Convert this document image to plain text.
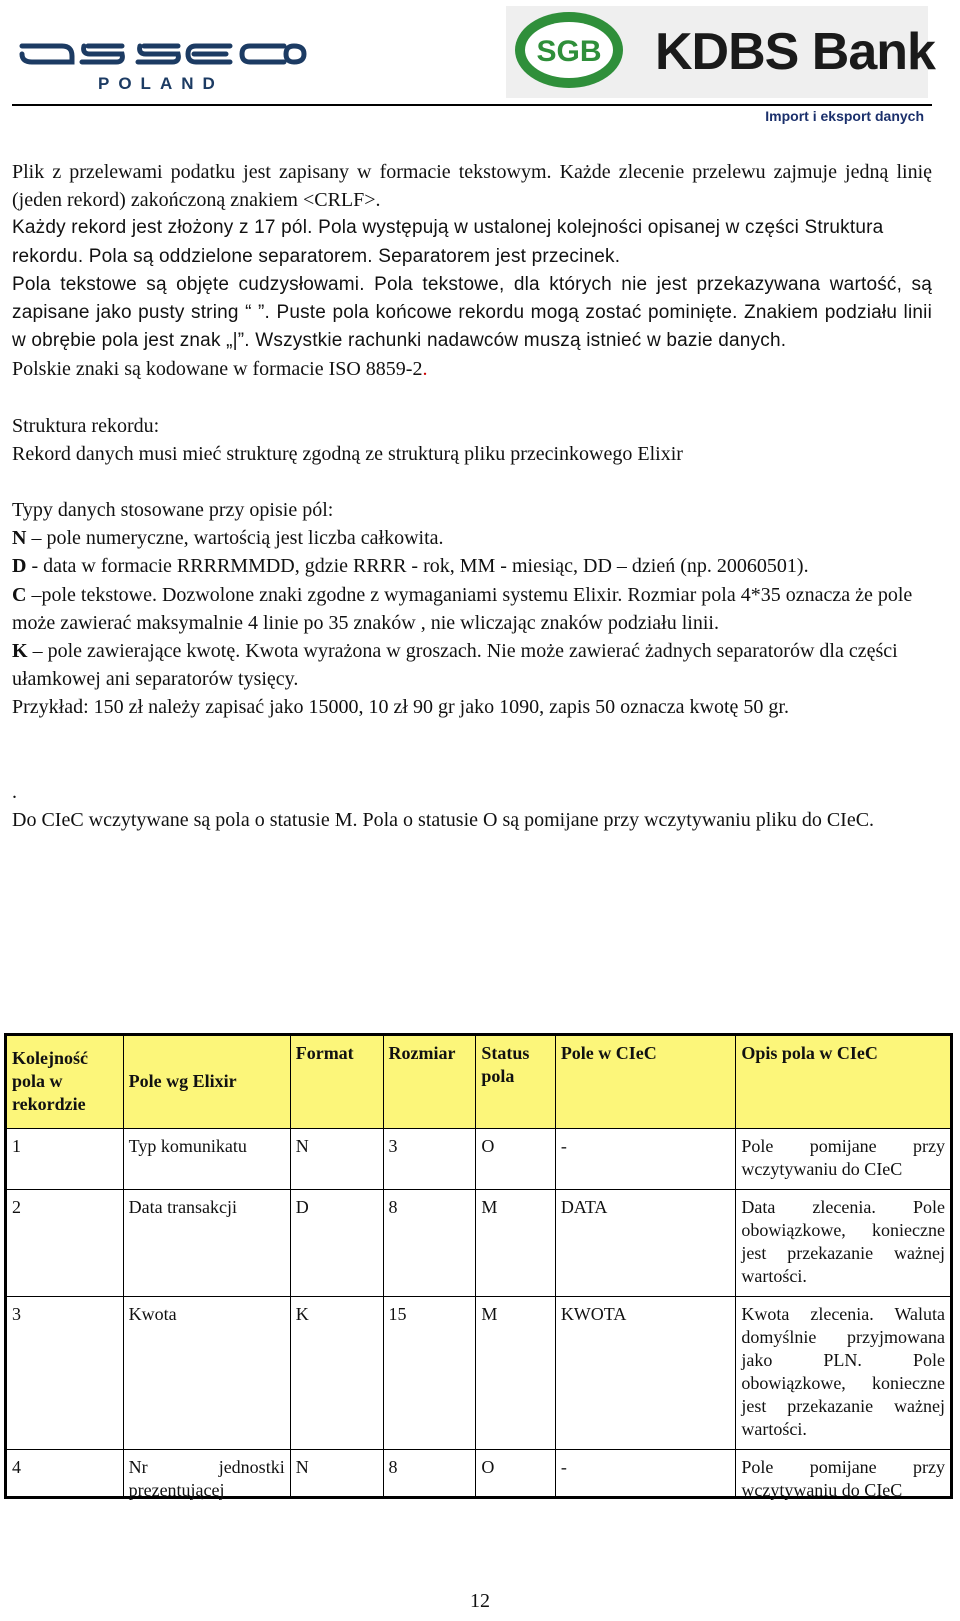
POLAND
SGB KDBS Bank
Import i eksport danych

Plik z przelewami podatku jest zapisany w formacie tekstowym. Każde zlecenie przelewu zajmuje jedną linię (jeden rekord) zakończoną znakiem <CRLF>.

Każdy rekord jest złożony z 17 pól. Pola występują w ustalonej kolejności opisanej w części Struktura rekordu. Pola są oddzielone separatorem. Separatorem jest przecinek.

Pola tekstowe są objęte cudzysłowami. Pola tekstowe, dla których nie jest przekazywana wartość, są zapisane jako pusty string “ ”. Puste pola końcowe rekordu mogą zostać pominięte. Znakiem podziału linii w obrębie pola jest znak „|”. Wszystkie rachunki nadawców muszą istnieć w bazie danych.

Polskie znaki są kodowane w formacie ISO 8859-2.

Struktura rekordu:

Rekord danych musi mieć strukturę zgodną ze strukturą pliku przecinkowego Elixir

Typy danych stosowane przy opisie pól:

N – pole numeryczne, wartością jest liczba całkowita.

D - data w formacie RRRRMMDD, gdzie RRRR - rok, MM - miesiąc, DD – dzień (np. 20060501).

C –pole tekstowe. Dozwolone znaki zgodne z wymaganiami systemu Elixir. Rozmiar pola 4*35 oznacza że pole może zawierać maksymalnie 4 linie po 35 znaków , nie wliczając znaków podziału linii.

K – pole zawierające kwotę. Kwota wyrażona w groszach. Nie może zawierać żadnych separatorów dla części ułamkowej ani separatorów tysięcy.

Przykład: 150 zł należy zapisać jako 15000, 10 zł 90 gr jako 1090, zapis 50 oznacza kwotę 50 gr.

.

Do CIeC wczytywane są pola o statusie M. Pola o statusie O są pomijane przy wczytywaniu pliku do CIeC.

Kolejność pola w rekordzie	Pole wg Elixir	Format	Rozmiar	Status pola	Pole w CIeC	Opis pola w CIeC
1	Typ komunikatu	N	3	O	-	Pole pomijane przy wczytywaniu do CIeC
2	Data transakcji	D	8	M	DATA	Data zlecenia. Pole obowiązkowe, konieczne jest przekazanie ważnej wartości.
3	Kwota	K	15	M	KWOTA	Kwota zlecenia. Waluta domyślnie przyjmowana jako PLN. Pole obowiązkowe, konieczne jest przekazanie ważnej wartości.
4	Nr jednostki prezentującej	N	8	O	-	Pole pomijane przy wczytywaniu do CIeC
12
